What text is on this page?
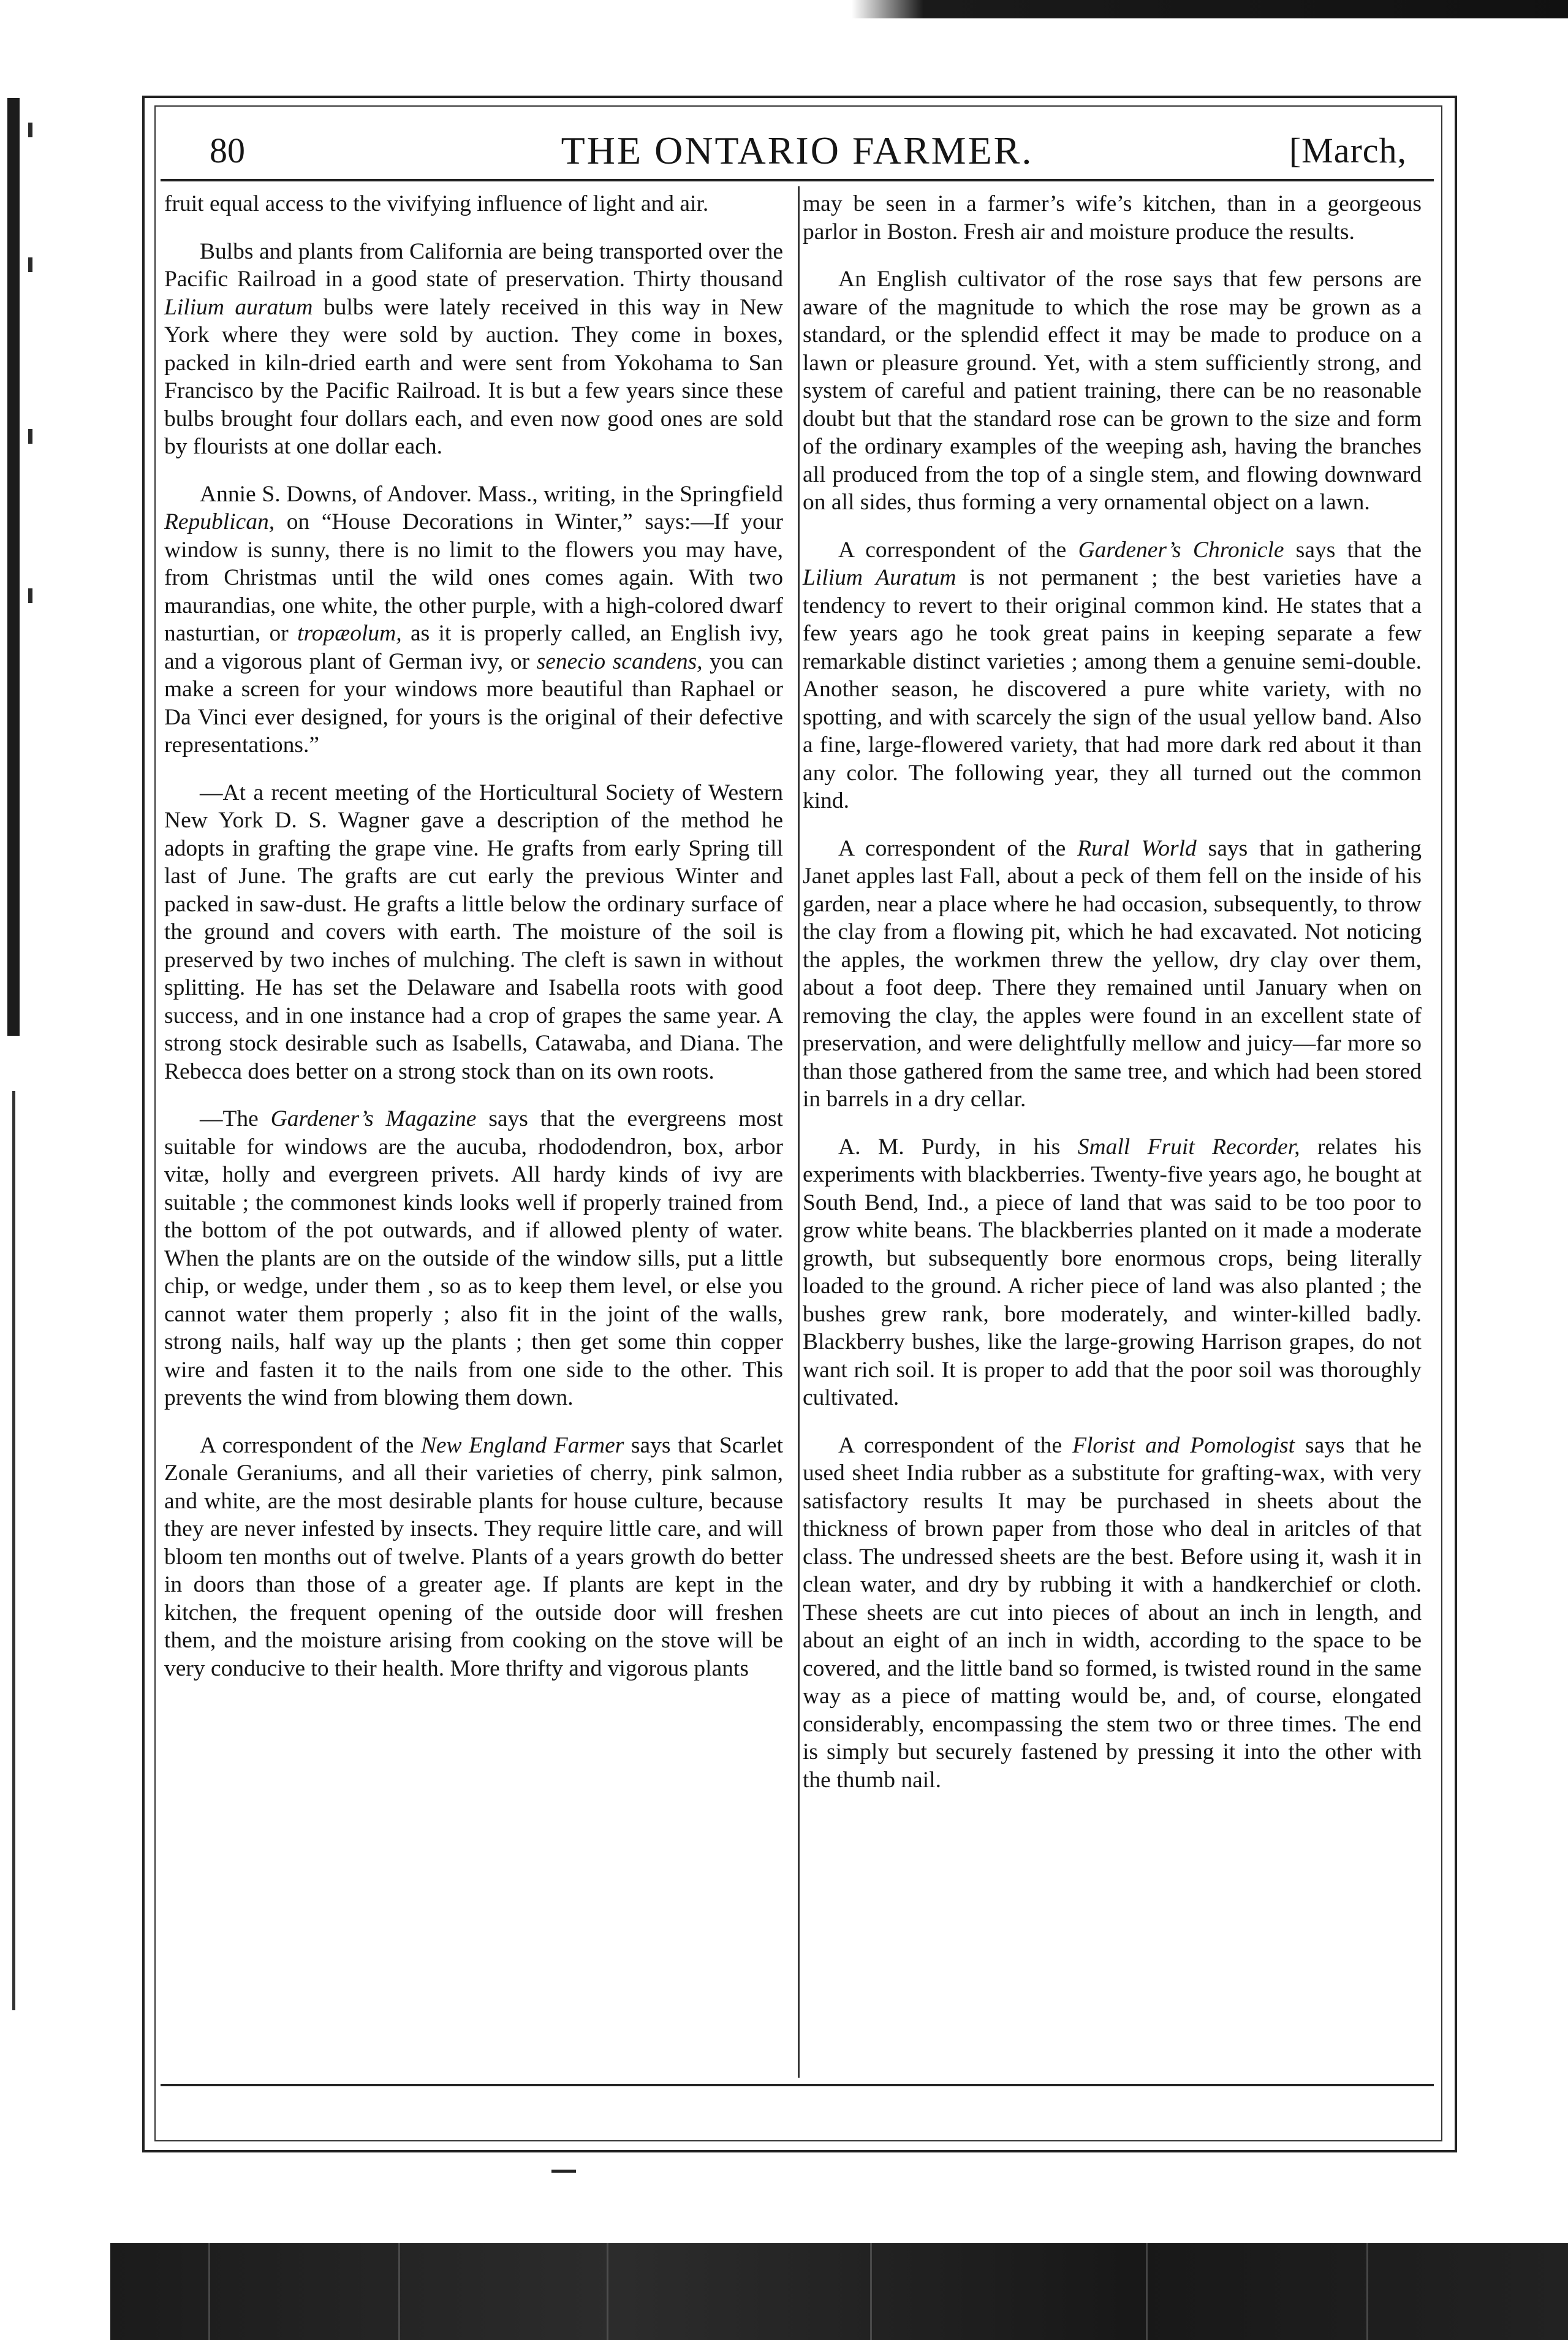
80	THE ONTARIO FARMER.	[March,

fruit equal access to the vivifying influence of light and air.

Bulbs and plants from California are being transported over the Pacific Railroad in a good state of preservation. Thirty thousand Lilium auratum bulbs were lately received in this way in New York where they were sold by auction. They come in boxes, packed in kiln-dried earth and were sent from Yokohama to San Francisco by the Pacific Railroad. It is but a few years since these bulbs brought four dollars each, and even now good ones are sold by flourists at one dollar each.

Annie S. Downs, of Andover. Mass., writing, in the Springfield Republican, on “House Decorations in Winter,” says:—If your window is sunny, there is no limit to the flowers you may have, from Christmas until the wild ones comes again. With two maurandias, one white, the other purple, with a high-colored dwarf nasturtian, or tropæolum, as it is properly called, an English ivy, and a vigorous plant of German ivy, or senecio scandens, you can make a screen for your windows more beautiful than Raphael or Da Vinci ever designed, for yours is the original of their defective representations.”

—At a recent meeting of the Horticultural Society of Western New York D. S. Wagner gave a description of the method he adopts in grafting the grape vine. He grafts from early Spring till last of June. The grafts are cut early the previous Winter and packed in saw-dust. He grafts a little below the ordinary surface of the ground and covers with earth. The moisture of the soil is preserved by two inches of mulching. The cleft is sawn in without splitting. He has set the Delaware and Isabella roots with good success, and in one instance had a crop of grapes the same year. A strong stock desirable such as Isabells, Catawaba, and Diana. The Rebecca does better on a strong stock than on its own roots.

—The Gardener’s Magazine says that the evergreens most suitable for windows are the aucuba, rhododendron, box, arbor vitæ, holly and evergreen privets. All hardy kinds of ivy are suitable ; the commonest kinds looks well if properly trained from the bottom of the pot outwards, and if allowed plenty of water. When the plants are on the outside of the window sills, put a little chip, or wedge, under them , so as to keep them level, or else you cannot water them properly ; also fit in the joint of the walls, strong nails, half way up the plants ; then get some thin copper wire and fasten it to the nails from one side to the other. This prevents the wind from blowing them down.

A correspondent of the New England Farmer says that Scarlet Zonale Geraniums, and all their varieties of cherry, pink salmon, and white, are the most desirable plants for house culture, because they are never infested by insects. They require little care, and will bloom ten months out of twelve. Plants of a years growth do better in doors than those of a greater age. If plants are kept in the kitchen, the frequent opening of the outside door will freshen them, and the moisture arising from cooking on the stove will be very conducive to their health. More thrifty and vigorous plants

may be seen in a farmer’s wife’s kitchen, than in a georgeous parlor in Boston. Fresh air and moisture produce the results.

An English cultivator of the rose says that few persons are aware of the magnitude to which the rose may be grown as a standard, or the splendid effect it may be made to produce on a lawn or pleasure ground. Yet, with a stem sufficiently strong, and system of careful and patient training, there can be no reasonable doubt but that the standard rose can be grown to the size and form of the ordinary examples of the weeping ash, having the branches all produced from the top of a single stem, and flowing downward on all sides, thus forming a very ornamental object on a lawn.

A correspondent of the Gardener’s Chronicle says that the Lilium Auratum is not permanent ; the best varieties have a tendency to revert to their original common kind. He states that a few years ago he took great pains in keeping separate a few remarkable distinct varieties ; among them a genuine semi-double. Another season, he discovered a pure white variety, with no spotting, and with scarcely the sign of the usual yellow band. Also a fine, large-flowered variety, that had more dark red about it than any color. The following year, they all turned out the common kind.

A correspondent of the Rural World says that in gathering Janet apples last Fall, about a peck of them fell on the inside of his garden, near a place where he had occasion, subsequently, to throw the clay from a flowing pit, which he had excavated. Not noticing the apples, the workmen threw the yellow, dry clay over them, about a foot deep. There they remained until January when on removing the clay, the apples were found in an excellent state of preservation, and were delightfully mellow and juicy—far more so than those gathered from the same tree, and which had been stored in barrels in a dry cellar.

A. M. Purdy, in his Small Fruit Recorder, relates his experiments with blackberries. Twenty-five years ago, he bought at South Bend, Ind., a piece of land that was said to be too poor to grow white beans. The blackberries planted on it made a moderate growth, but subsequently bore enormous crops, being literally loaded to the ground. A richer piece of land was also planted ; the bushes grew rank, bore moderately, and winter-killed badly. Blackberry bushes, like the large-growing Harrison grapes, do not want rich soil. It is proper to add that the poor soil was thoroughly cultivated.

A correspondent of the Florist and Pomologist says that he used sheet India rubber as a substitute for grafting-wax, with very satisfactory results It may be purchased in sheets about the thickness of brown paper from those who deal in aritcles of that class. The undressed sheets are the best. Before using it, wash it in clean water, and dry by rubbing it with a handkerchief or cloth. These sheets are cut into pieces of about an inch in length, and about an eight of an inch in width, according to the space to be covered, and the little band so formed, is twisted round in the same way as a piece of matting would be, and, of course, elongated considerably, encompassing the stem two or three times. The end is simply but securely fastened by pressing it into the other with the thumb nail.
